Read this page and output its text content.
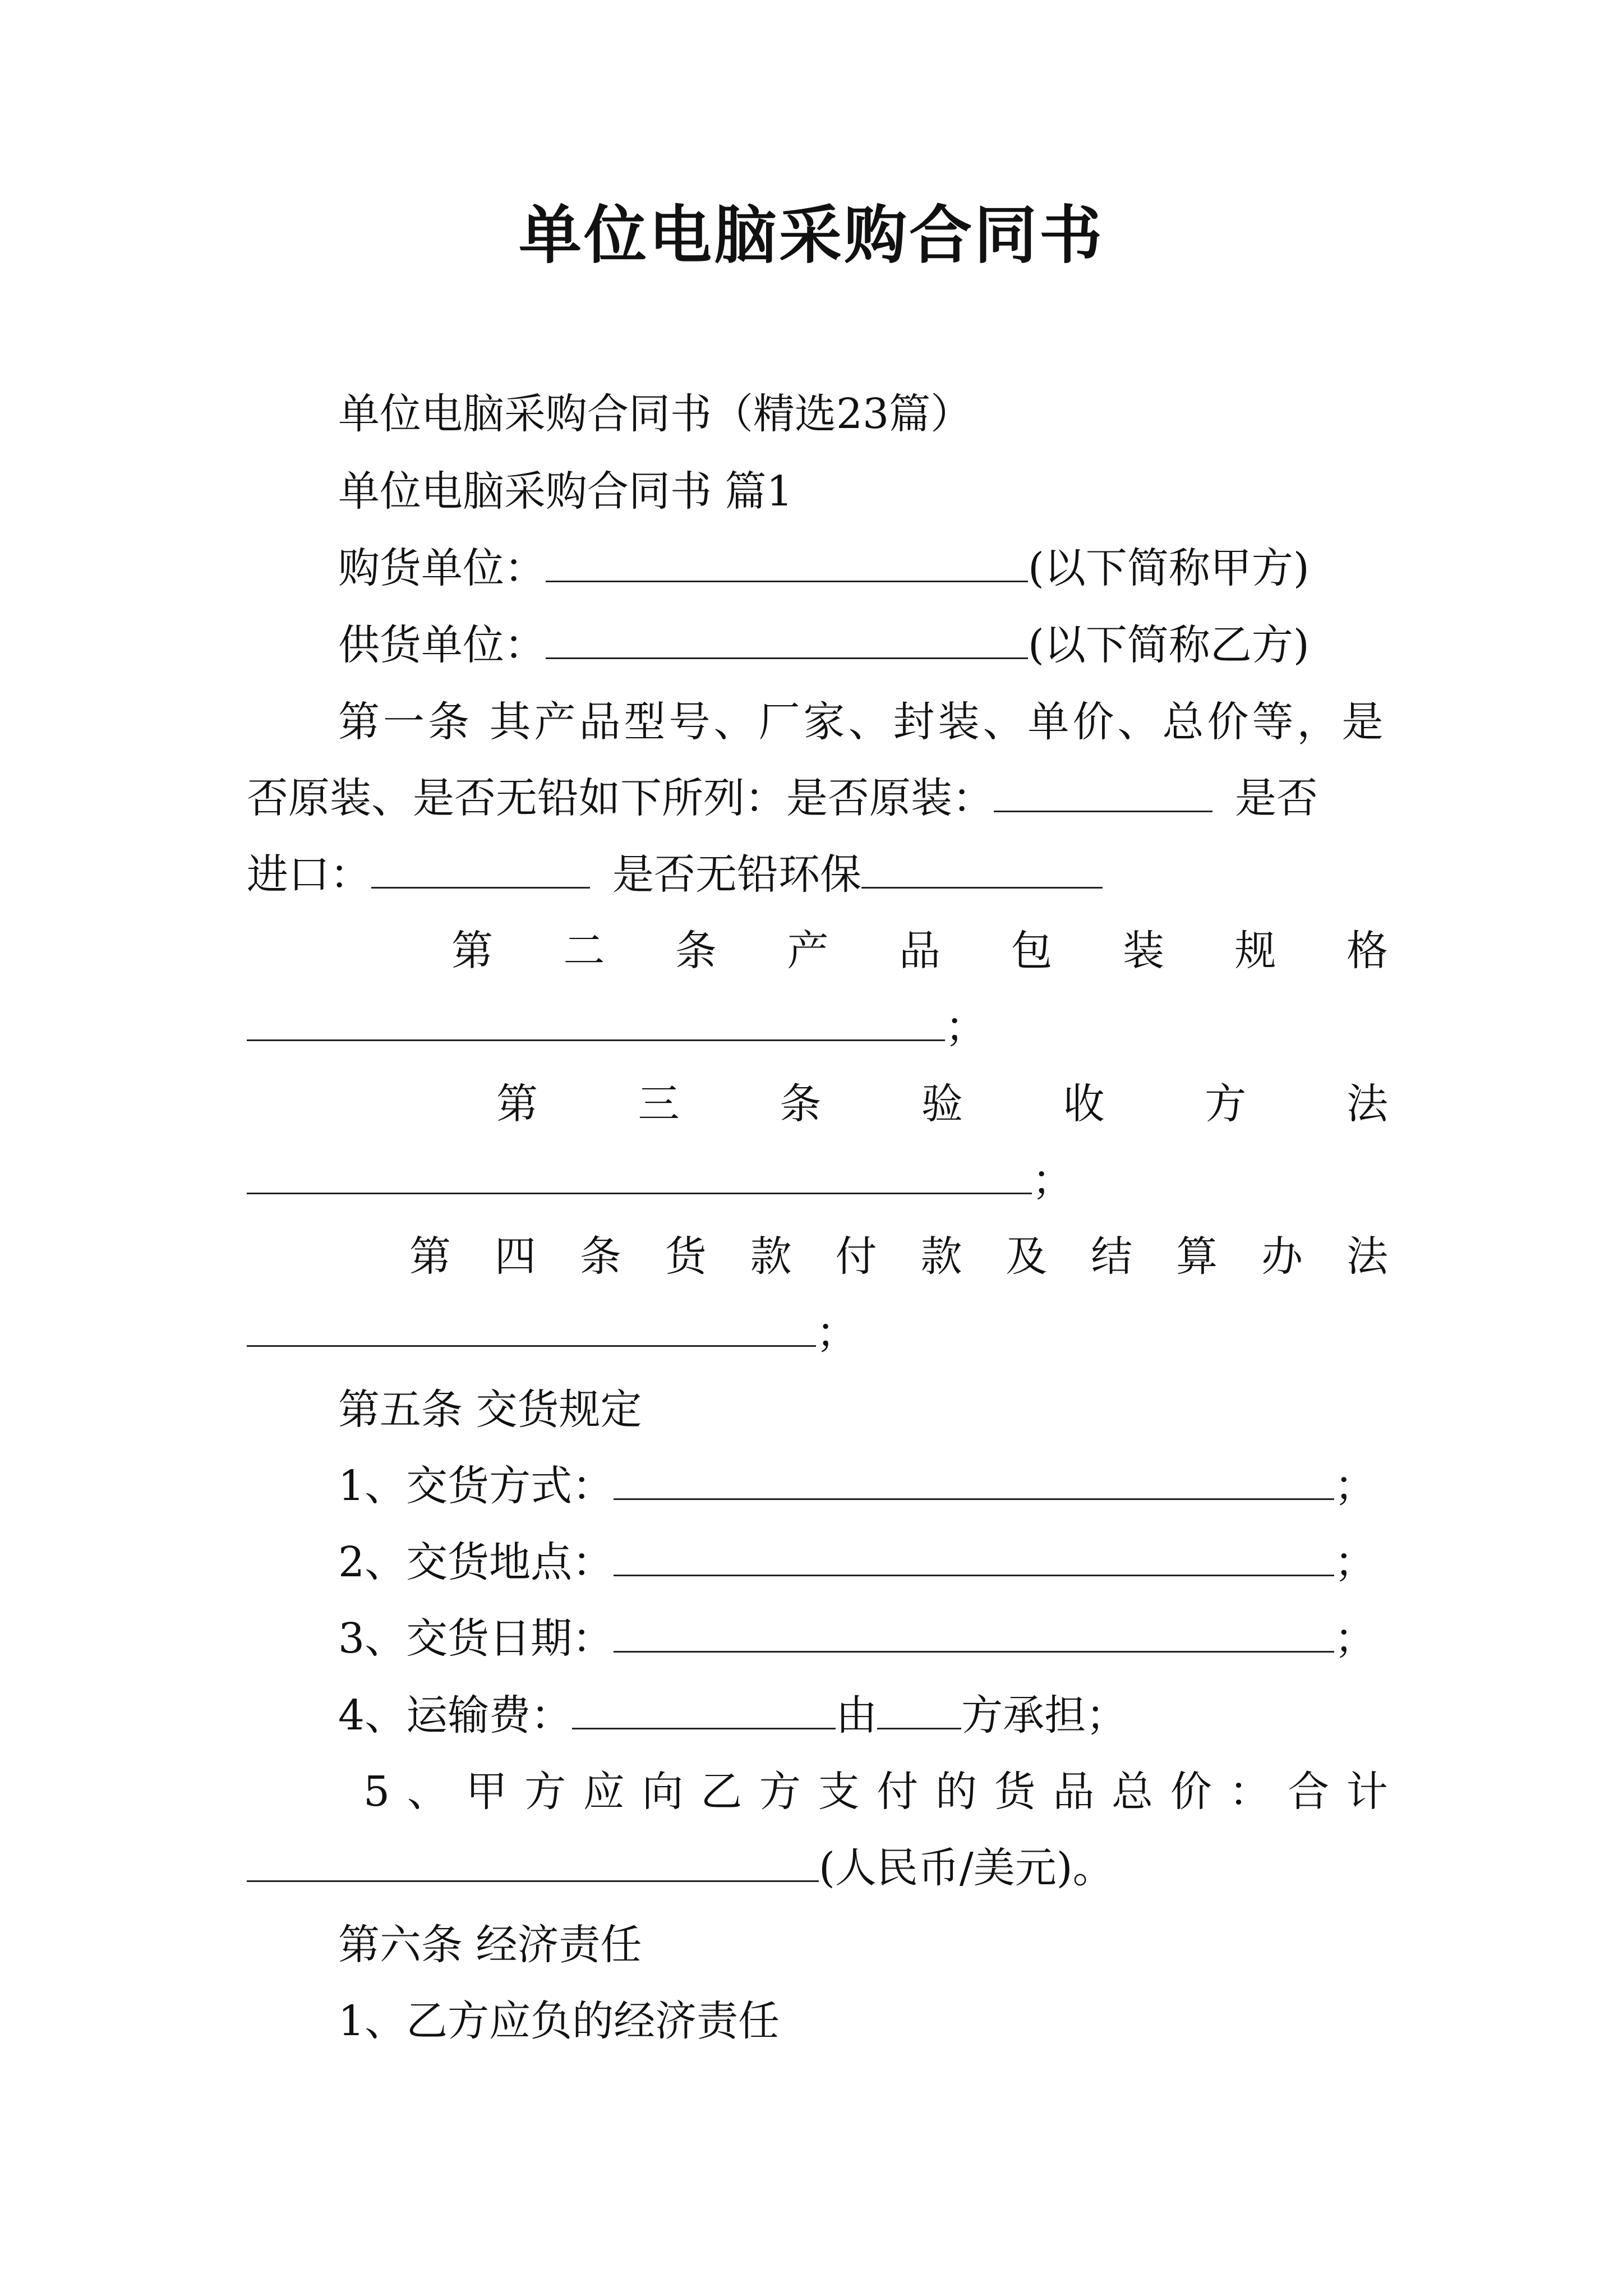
单位电脑采购合同书
单位电脑采购合同书（精选23篇）
单位电脑采购合同书 篇1
购货单位：	(以下简称甲方)
供货单位：	(以下简称乙方)
第一条 其产品型号、厂家、封装、单价、总价等，是
否原装、是否无铅如下所列：是否原装：	是否
进口：	是否无铅环保
第 二 条 产 品 包 装 规 格
；
第 三 条 验 收 方 法
；
第 四 条 货 款 付 款 及 结 算 办 法
；
第五条 交货规定
1、交货方式：	；
2、交货地点：	；
3、交货日期：	；
4、运输费：	由 方承担；
5 、 甲 方 应 向 乙 方 支 付 的 货 品 总 价 ： 合 计
(人民币/美元)。
第六条 经济责任
1、乙方应负的经济责任
